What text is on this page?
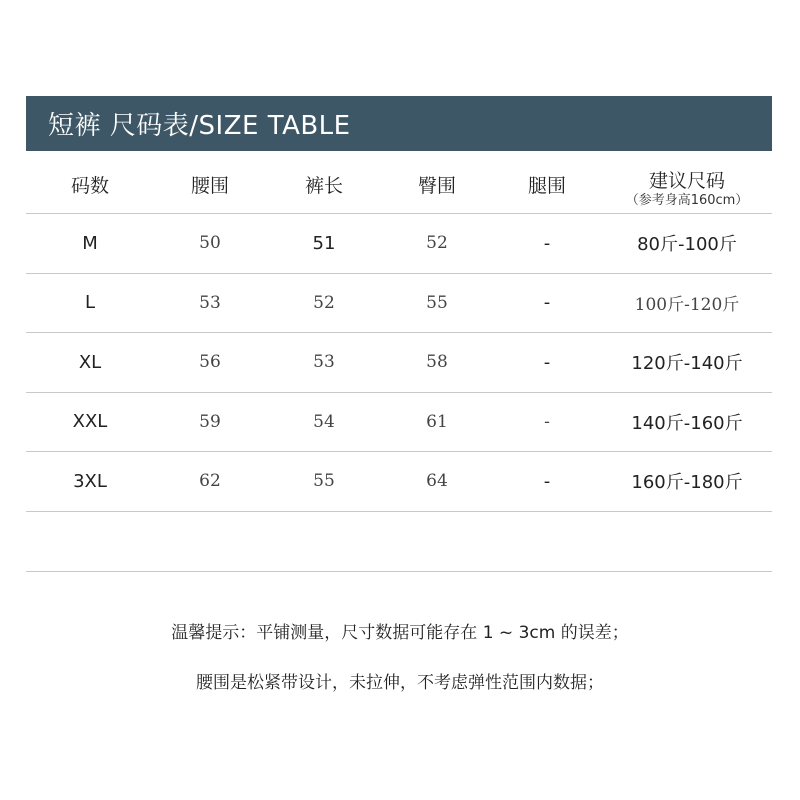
短裤 尺码表/SIZE TABLE
码数	腰围	裤长	臀围	腿围	建议尺码
（参考身高160cm）
M	50	51	52	-	80斤-100斤
L	53	52	55	-	100斤-120斤
XL	56	53	58	-	120斤-140斤
XXL	59	54	61	-	140斤-160斤
3XL	62	55	64	-	160斤-180斤
温馨提示：平铺测量，尺寸数据可能存在 1 ~ 3cm 的误差；
腰围是松紧带设计，未拉伸，不考虑弹性范围内数据；
